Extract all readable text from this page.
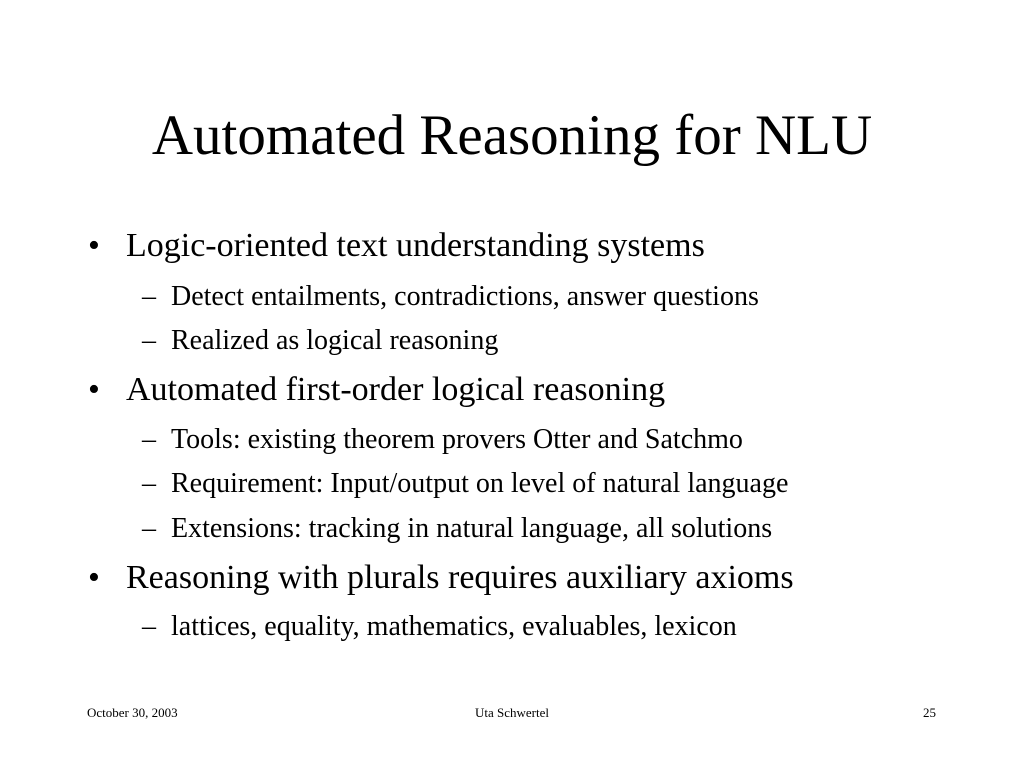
Automated Reasoning for NLU
• Logic-oriented text understanding systems
– Detect entailments, contradictions, answer questions
– Realized as logical reasoning
• Automated first-order logical reasoning
– Tools: existing theorem provers Otter and Satchmo
– Requirement: Input/output on level of natural language
– Extensions: tracking in natural language, all solutions
• Reasoning with plurals requires auxiliary axioms
– lattices, equality, mathematics, evaluables, lexicon
October 30, 2003	Uta Schwertel	25
